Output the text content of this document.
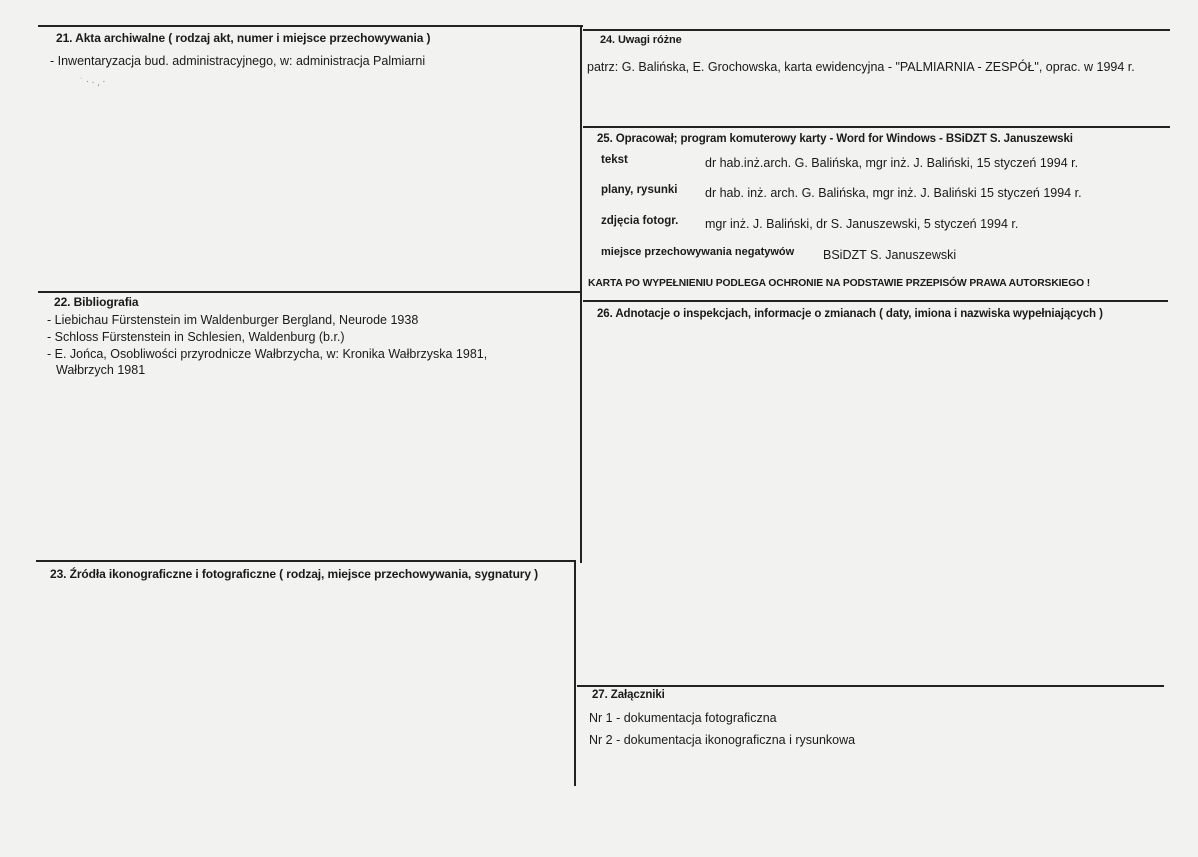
21. Akta archiwalne ( rodzaj akt, numer i miejsce przechowywania )
- Inwentaryzacja bud. administracyjnego, w: administracja Palmiarni
˙ ⸱ ‧ ⸲ ⸱
22. Bibliografia
- Liebichau Fürstenstein im Waldenburger Bergland, Neurode 1938
- Schloss Fürstenstein in Schlesien, Waldenburg (b.r.)
- E. Jońca, Osobliwości przyrodnicze Wałbrzycha, w: Kronika Wałbrzyska 1981,
Wałbrzych 1981
23. Źródła ikonograficzne i fotograficzne ( rodzaj, miejsce przechowywania, sygnatury )
24. Uwagi różne
patrz: G. Balińska, E. Grochowska, karta ewidencyjna - "PALMIARNIA - ZESPÓŁ", oprac. w 1994 r.
25. Opracował; program komuterowy karty - Word for Windows - BSiDZT S. Januszewski
tekst	dr hab.inż.arch. G. Balińska, mgr inż. J. Baliński, 15 styczeń 1994 r.
plany, rysunki dr hab. inż. arch. G. Balińska, mgr inż. J. Baliński 15 styczeń 1994 r.
zdjęcia fotogr. mgr inż. J. Baliński, dr S. Januszewski, 5 styczeń 1994 r.
miejsce przechowywania negatywów BSiDZT S. Januszewski
KARTA PO WYPEŁNIENIU PODLEGA OCHRONIE NA PODSTAWIE PRZEPISÓW PRAWA AUTORSKIEGO !
26. Adnotacje o inspekcjach, informacje o zmianach ( daty, imiona i nazwiska wypełniających )
27. Załączniki
Nr 1 - dokumentacja fotograficzna
Nr 2 - dokumentacja ikonograficzna i rysunkowa
